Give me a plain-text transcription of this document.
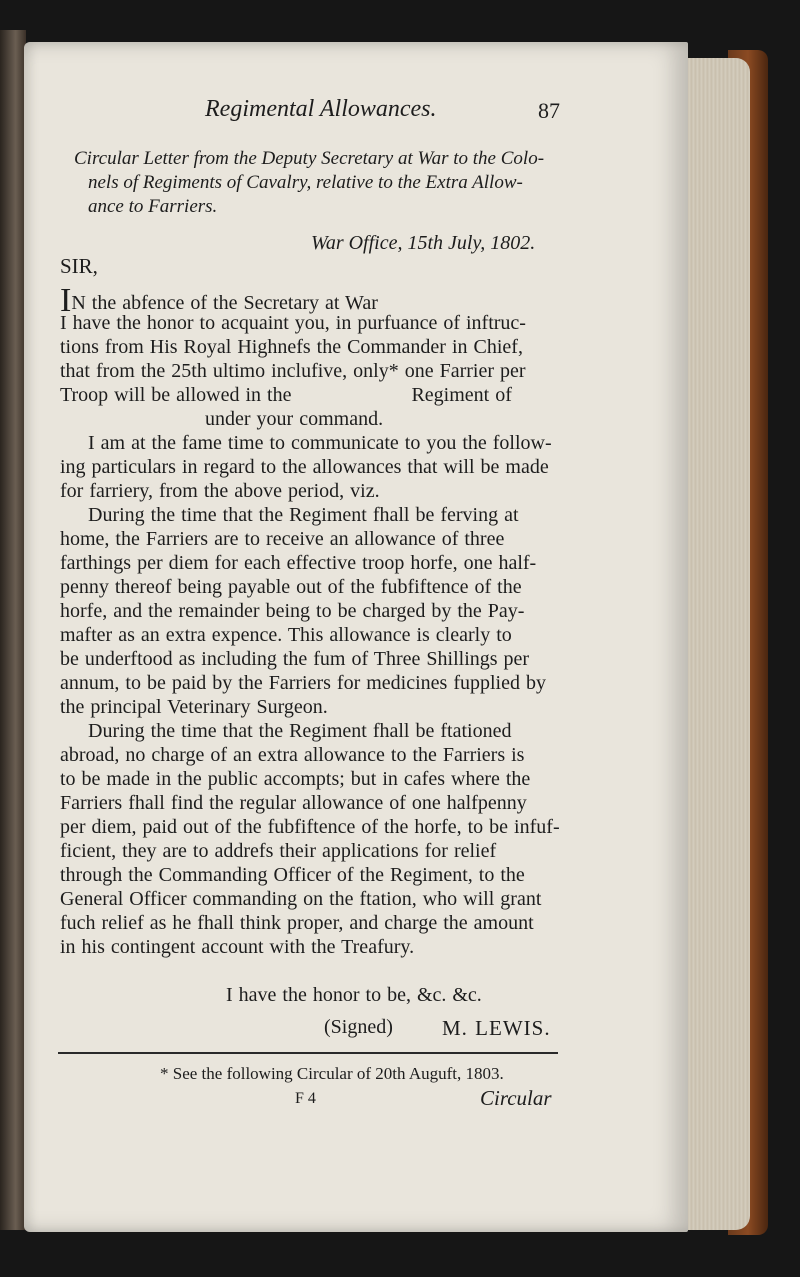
Regimental Allowances.	87
Circular Letter from the Deputy Secretary at War to the Colo-
nels of Regiments of Cavalry, relative to the Extra Allow-
ance to Farriers.
War Office, 15th July, 1802.
SIR,
IN the abfence of the Secretary at War
I have the honor to acquaint you, in purfuance of inftruc-
tions from His Royal Highnefs the Commander in Chief,
that from the 25th ultimo inclufive, only* one Farrier per
Troop will be allowed in the                    Regiment of
under your command.
I am at the fame time to communicate to you the follow-
ing particulars in regard to the allowances that will be made
for farriery, from the above period, viz.
During the time that the Regiment fhall be ferving at
home, the Farriers are to receive an allowance of three
farthings per diem for each effective troop horfe, one half-
penny thereof being payable out of the fubfiftence of the
horfe, and the remainder being to be charged by the Pay-
mafter as an extra expence. This allowance is clearly to
be underftood as including the fum of Three Shillings per
annum, to be paid by the Farriers for medicines fupplied by
the principal Veterinary Surgeon.
During the time that the Regiment fhall be ftationed
abroad, no charge of an extra allowance to the Farriers is
to be made in the public accompts; but in cafes where the
Farriers fhall find the regular allowance of one halfpenny
per diem, paid out of the fubfiftence of the horfe, to be infuf-
ficient, they are to addrefs their applications for relief
through the Commanding Officer of the Regiment, to the
General Officer commanding on the ftation, who will grant
fuch relief as he fhall think proper, and charge the amount
in his contingent account with the Treafury.
* See the following Circular of 20th Auguft, 1803.
F 4	Circular
I have the honor to be, &c. &c.
(Signed) M. LEWIS.
